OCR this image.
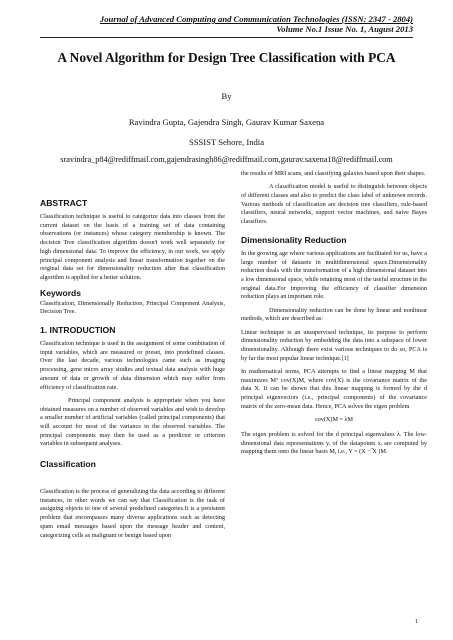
Journal of Advanced Computing and Communication Technologies (ISSN: 2347 - 2804)
Volume No.1 Issue No. 1, August 2013
A Novel Algorithm for Design Tree Classification with PCA
By
Ravindra Gupta, Gajendra Singh, Gaurav Kumar Saxena
SSSIST Sehore, India
sravindra_p84@rediffmail.com,gajendrasingh86@rediffmail.com,gaurav.saxena18@rediffmail.com
ABSTRACT

Classification technique is useful to categorize data into classes from the current dataset on the basis of a training set of data containing observations (or instances) whose category membership is known. The decision Tree classification algorithm doesn't work well separately for high dimensional data. To improve the efficiency, in our work, we apply principal component analysis and linear transformation together on the original data set for dimensionality reduction after that classification algorithm is applied for a better solution.

Keywords

Classification, Dimensionally Reduction, Principal Component Analysis, Decision Tree.

1. INTRODUCTION

Classification technique is used in the assignment of some combination of input variables, which are measured or preset, into predefined classes. Over the last decade, various technologies came such as imaging processing, gene micro array studies and textual data analysis with huge amount of data or growth of data dimension which may suffer from efficiency of classification rate.

Principal component analysis is appropriate when you have obtained measures on a number of observed variables and wish to develop a smaller number of artificial variables (called principal components) that will account for most of the variance in the observed variables. The principal components may then be used as a predictor or criterion variables in subsequent analyses.

Classification

Classification is the process of generalizing the data according to different instances, in other words we can say that Classification is the task of assigning objects to one of several predefined categories.It is a persistent problem that encompasses many diverse applications such as detecting spam email messages based upon the message header and content, categorizing cells as malignant or benign based upon

the results of MRI scans, and classifying galaxies based upon their shapes.

A classification model is useful to distinguish between objects of different classes and also to predict the class label of unknown records. Various methods of classification are decision tree classifiers, rule-based classifiers, neural networks, support vector machines, and naive Bayes classifiers.

Dimensionality Reduction

In the growing age where various applications are facilitated for us, have a large number of datasets in multidimensional space.Dimensionality reduction deals with the transformation of a high dimensional dataset into a low dimensional space, while retaining most of the useful structure in the original data.For improving the efficiency of classifier dimension reduction plays an important role.

Dimensionality reduction can be done by linear and nonlinear methods, which are described as:

Linear technique is an unsupervised technique, its purpose to perform dimensionality reduction by embedding the data into a subspace of lower dimensionality. Although there exist various techniques to do so, PCA is by far the most popular linear technique.[1]

In mathematical terms, PCA attempts to find a linear mapping M that maximizes Mᵀ cov(X)M, where cov(X) is the covariance matrix of the data X. It can be shown that this linear mapping is formed by the d principal eigenvectors (i.e., principal components) of the covariance matrix of the zero-mean data. Hence, PCA solves the eigen problem

cov(X)M = λM

The eigen problem is solved for the d principal eigenvalues λ. The low-dimensional data representations yᵢ of the datapoints xᵢ are computed by mapping them onto the linear basis M, i.e., Y = (X − ̅X )M.

1
